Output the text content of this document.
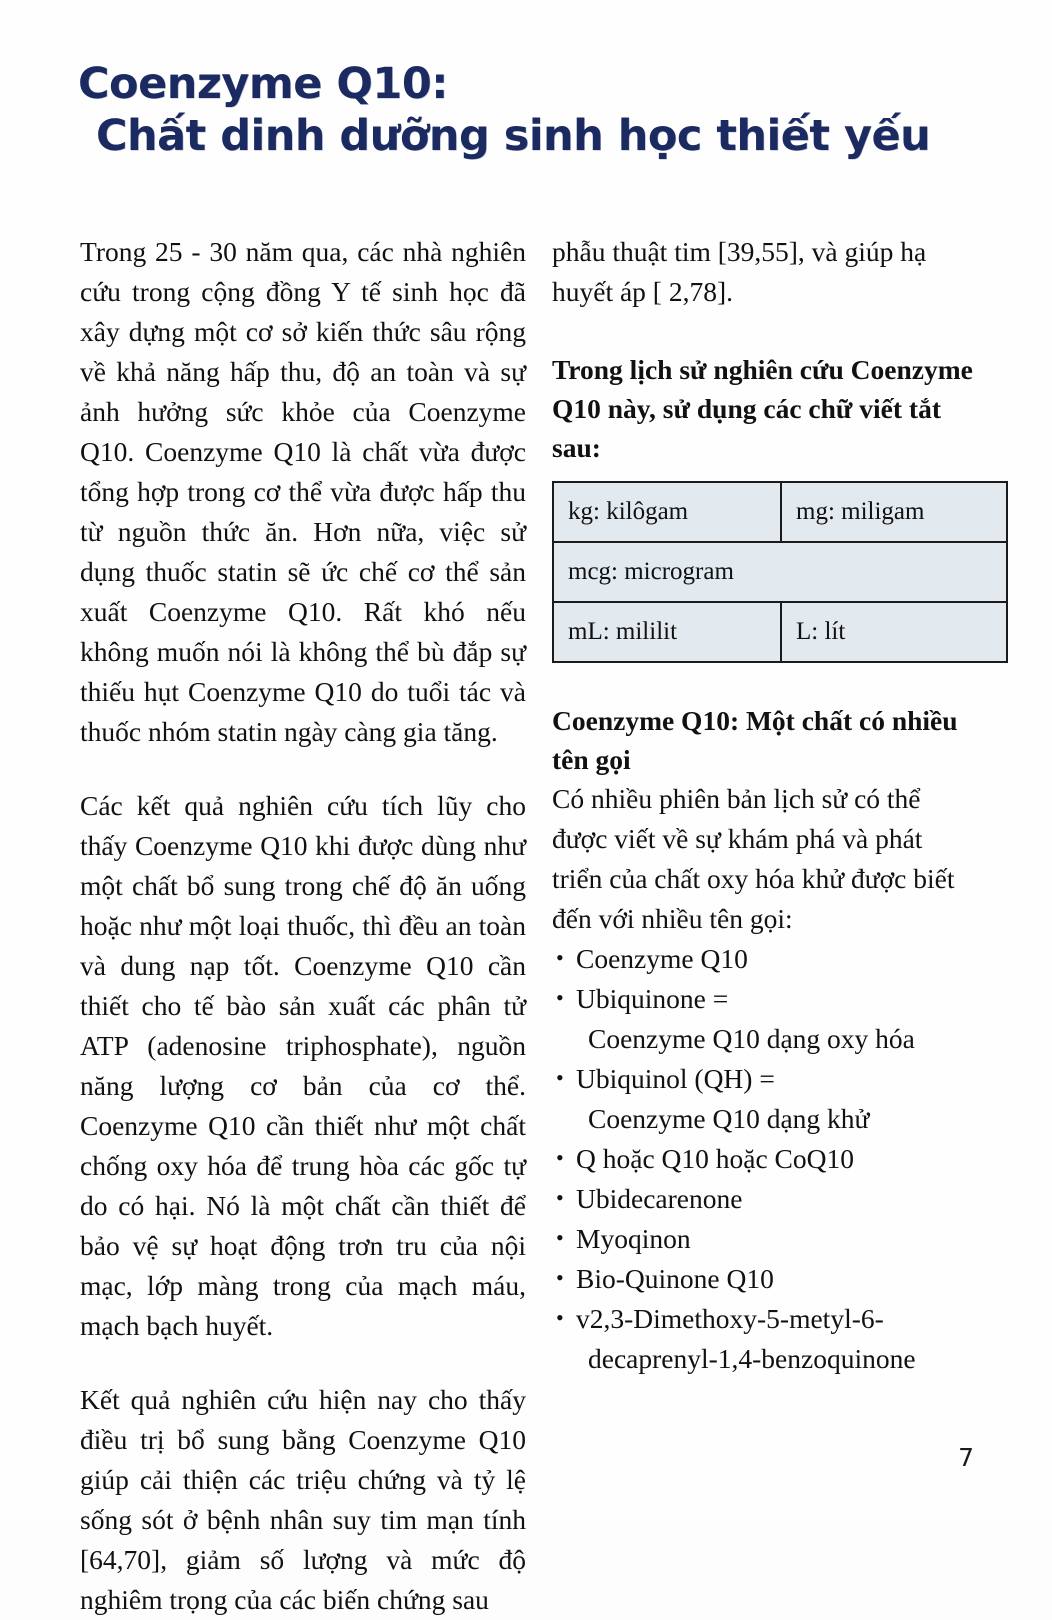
Coenzyme Q10:
Chất dinh dưỡng sinh học thiết yếu

Trong 25 - 30 năm qua, các nhà nghiên cứu trong cộng đồng Y tế sinh học đã xây dựng một cơ sở kiến thức sâu rộng về khả năng hấp thu, độ an toàn và sự ảnh hưởng sức khỏe của Coenzyme Q10. Coenzyme Q10 là chất vừa được tổng hợp trong cơ thể vừa được hấp thu từ nguồn thức ăn. Hơn nữa, việc sử dụng thuốc statin sẽ ức chế cơ thể sản xuất Coenzyme Q10. Rất khó nếu không muốn nói là không thể bù đắp sự thiếu hụt Coenzyme Q10 do tuổi tác và thuốc nhóm statin ngày càng gia tăng.

Các kết quả nghiên cứu tích lũy cho thấy Coenzyme Q10 khi được dùng như một chất bổ sung trong chế độ ăn uống hoặc như một loại thuốc, thì đều an toàn và dung nạp tốt. Coenzyme Q10 cần thiết cho tế bào sản xuất các phân tử ATP (adenosine triphosphate), nguồn năng lượng cơ bản của cơ thể. Coenzyme Q10 cần thiết như một chất chống oxy hóa để trung hòa các gốc tự do có hại. Nó là một chất cần thiết để bảo vệ sự hoạt động trơn tru của nội mạc, lớp màng trong của mạch máu, mạch bạch huyết.

Kết quả nghiên cứu hiện nay cho thấy điều trị bổ sung bằng Coenzyme Q10 giúp cải thiện các triệu chứng và tỷ lệ sống sót ở bệnh nhân suy tim mạn tính [64,70], giảm số lượng và mức độ nghiêm trọng của các biến chứng sau

phẫu thuật tim [39,55], và giúp hạ huyết áp [ 2,78].

Trong lịch sử nghiên cứu Coenzyme Q10 này, sử dụng các chữ viết tắt sau:
kg: kilôgam	mg: miligam
mcg: microgram	
mL: mililit	L: lít
Coenzyme Q10: Một chất có nhiều tên gọi

Có nhiều phiên bản lịch sử có thể được viết về sự khám phá và phát triển của chất oxy hóa khử được biết đến với nhiều tên gọi:

• Coenzyme Q10
• Ubiquinone =
Coenzyme Q10 dạng oxy hóa
• Ubiquinol (QH) =
Coenzyme Q10 dạng khử
• Q hoặc Q10 hoặc CoQ10
• Ubidecarenone
• Myoqinon
• Bio-Quinone Q10
• v2,3-Dimethoxy-5-metyl-6-
decaprenyl-1,4-benzoquinone
7
